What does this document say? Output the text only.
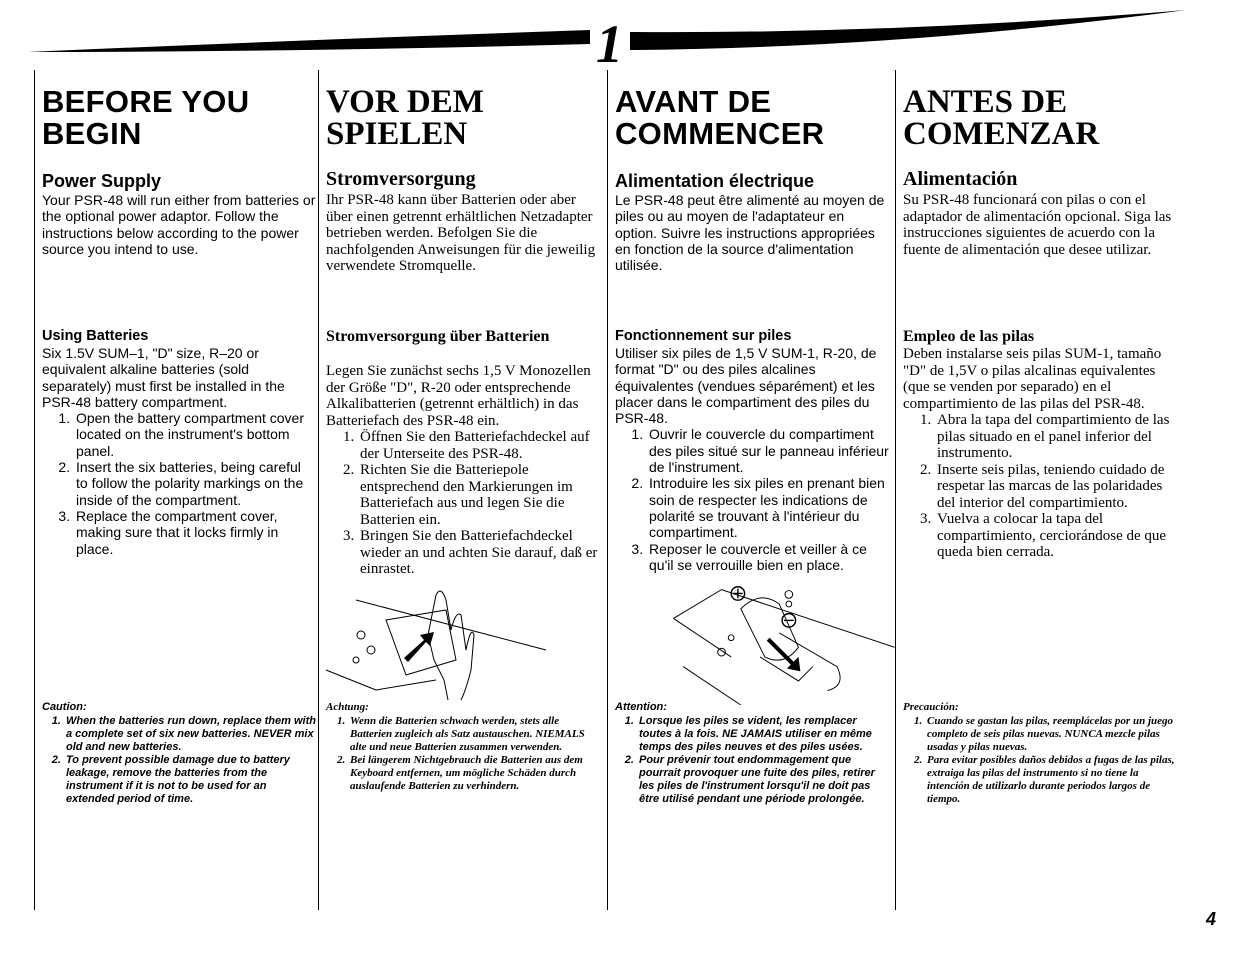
1
BEFORE YOU
BEGIN
Power Supply

Your PSR-48 will run either from batteries or the optional power adaptor. Follow the instructions below according to the power source you intend to use.

Using Batteries
Six 1.5V SUM–1, "D" size, R–20 or equivalent alkaline batteries (sold separately) must first be installed in the PSR-48 battery compartment.
1. Open the battery compartment cover located on the instrument's bottom panel.
2. Insert the six batteries, being careful to follow the polarity markings on the inside of the compartment.
3. Replace the compartment cover, making sure that it locks firmly in place.
Caution:
1. When the batteries run down, replace them with a complete set of six new batteries. NEVER mix old and new batteries.
2. To prevent possible damage due to battery leakage, remove the batteries from the instrument if it is not to be used for an extended period of time.
VOR DEM
SPIELEN
Stromversorgung

Ihr PSR-48 kann über Batterien oder aber über einen getrennt erhältlichen Netzadapter betrieben werden. Befolgen Sie die nachfolgenden Anweisungen für die jeweilig verwendete Stromquelle.

Stromversorgung über Batterien
Legen Sie zunächst sechs 1,5 V Monozellen der Größe "D", R-20 oder entsprechende Alkalibatterien (getrennt erhältlich) in das Batteriefach des PSR-48 ein.
1. Öffnen Sie den Batteriefachdeckel auf der Unterseite des PSR-48.
2. Richten Sie die Batteriepole entsprechend den Markierungen im Batteriefach aus und legen Sie die Batterien ein.
3. Bringen Sie den Batteriefachdeckel wieder an und achten Sie darauf, daß er einrastet.
Achtung:
1. Wenn die Batterien schwach werden, stets alle Batterien zugleich als Satz austauschen. NIEMALS alte und neue Batterien zusammen verwenden.
2. Bei längerem Nichtgebrauch die Batterien aus dem Keyboard entfernen, um mögliche Schäden durch auslaufende Batterien zu verhindern.
AVANT DE
COMMENCER
Alimentation électrique

Le PSR-48 peut être alimenté au moyen de piles ou au moyen de l'adaptateur en option. Suivre les instructions appropriées en fonction de la source d'alimentation utilisée.

Fonctionnement sur piles
Utiliser six piles de 1,5 V SUM-1, R-20, de format "D" ou des piles alcalines équivalentes (vendues séparément) et les placer dans le compartiment des piles du PSR-48.
1. Ouvrir le couvercle du compartiment des piles situé sur le panneau inférieur de l'instrument.
2. Introduire les six piles en prenant bien soin de respecter les indications de polarité se trouvant à l'intérieur du compartiment.
3. Reposer le couvercle et veiller à ce qu'il se verrouille bien en place.
Attention:
1. Lorsque les piles se vident, les remplacer toutes à la fois. NE JAMAIS utiliser en même temps des piles neuves et des piles usées.
2. Pour prévenir tout endommagement que pourrait provoquer une fuite des piles, retirer les piles de l'instrument lorsqu'il ne doit pas être utilisé pendant une période prolongée.
ANTES DE
COMENZAR
Alimentación

Su PSR-48 funcionará con pilas o con el adaptador de alimentación opcional. Siga las instrucciones siguientes de acuerdo con la fuente de alimentación que desee utilizar.

Empleo de las pilas
Deben instalarse seis pilas SUM-1, tamaño "D" de 1,5V o pilas alcalinas equivalentes (que se venden por separado) en el compartimiento de las pilas del PSR-48.
1. Abra la tapa del compartimiento de las pilas situado en el panel inferior del instrumento.
2. Inserte seis pilas, teniendo cuidado de respetar las marcas de las polaridades del interior del compartimiento.
3. Vuelva a colocar la tapa del compartimiento, cerciorándose de que queda bien cerrada.
Precaución:
1. Cuando se gastan las pilas, reemplácelas por un juego completo de seis pilas nuevas. NUNCA mezcle pilas usadas y pilas nuevas.
2. Para evitar posibles daños debidos a fugas de las pilas, extraiga las pilas del instrumento si no tiene la intención de utilizarlo durante periodos largos de tiempo.
4
